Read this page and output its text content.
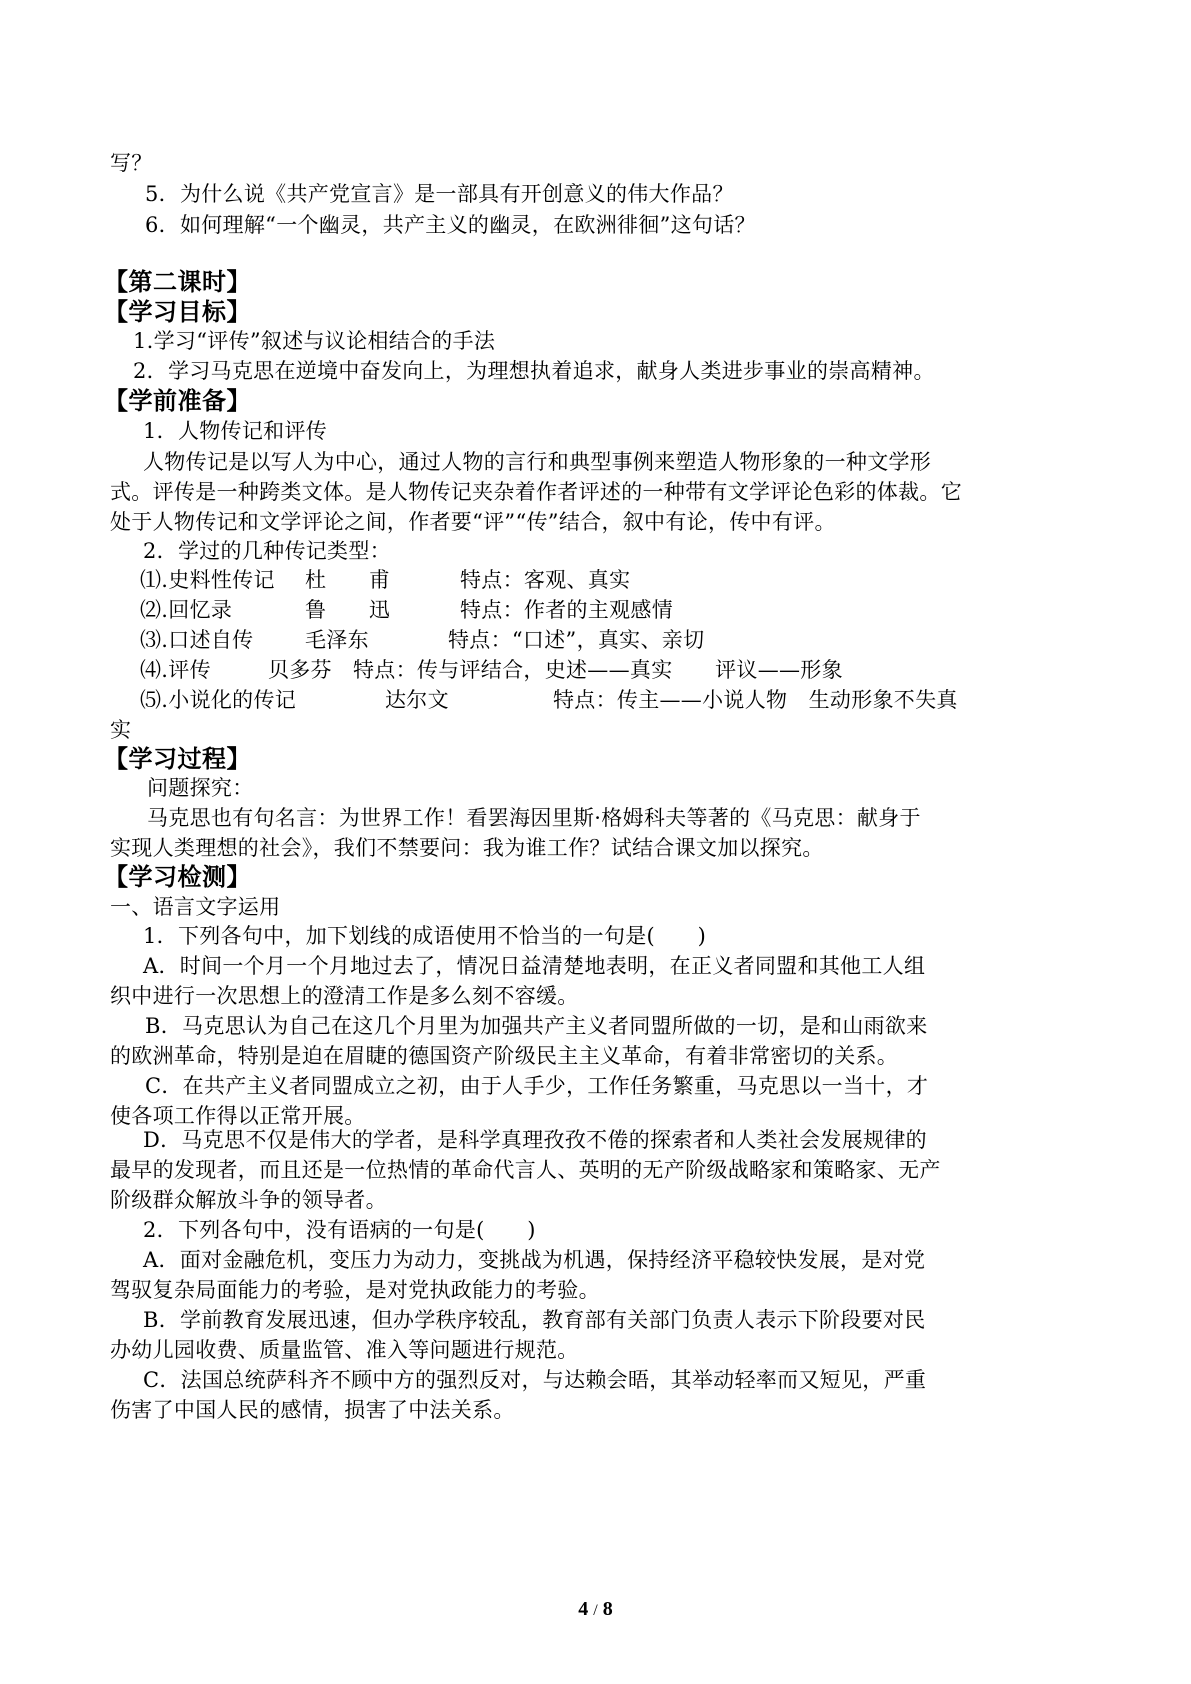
写？
5．为什么说《共产党宣言》是一部具有开创意义的伟大作品？
6．如何理解“一个幽灵，共产主义的幽灵，在欧洲徘徊”这句话？
【第二课时】
【学习目标】
1.学习“评传”叙述与议论相结合的手法
2．学习马克思在逆境中奋发向上，为理想执着追求，献身人类进步事业的崇高精神。
【学前准备】
1．人物传记和评传
人物传记是以写人为中心，通过人物的言行和典型事例来塑造人物形象的一种文学形
式。评传是一种跨类文体。是人物传记夹杂着作者评述的一种带有文学评论色彩的体裁。它
处于人物传记和文学评论之间，作者要“评”“传”结合，叙中有论，传中有评。
2．学过的几种传记类型：
⑴.史料性传记 杜　　甫	特点：客观、真实
⑵.回忆录	鲁　　迅	特点：作者的主观感情
⑶.口述自传 毛泽东	特点：“口述”，真实、亲切
⑷.评传	贝多芬 特点：传与评结合，史述——真实　　评议——形象
⑸.小说化的传记	达尔文	特点：传主——小说人物　生动形象不失真
实
【学习过程】
问题探究：
马克思也有句名言：为世界工作！看罢海因里斯·格姆科夫等著的《马克思：献身于
实现人类理想的社会》，我们不禁要问：我为谁工作？试结合课文加以探究。
【学习检测】
一、语言文字运用
1．下列各句中，加下划线的成语使用不恰当的一句是(　　)
A．时间一个月一个月地过去了，情况日益清楚地表明，在正义者同盟和其他工人组
织中进行一次思想上的澄清工作是多么刻不容缓。
B．马克思认为自己在这几个月里为加强共产主义者同盟所做的一切，是和山雨欲来
的欧洲革命，特别是迫在眉睫的德国资产阶级民主主义革命，有着非常密切的关系。
C．在共产主义者同盟成立之初，由于人手少，工作任务繁重，马克思以一当十，才
使各项工作得以正常开展。
D．马克思不仅是伟大的学者，是科学真理孜孜不倦的探索者和人类社会发展规律的
最早的发现者，而且还是一位热情的革命代言人、英明的无产阶级战略家和策略家、无产
阶级群众解放斗争的领导者。
2．下列各句中，没有语病的一句是(　　)
A．面对金融危机，变压力为动力，变挑战为机遇，保持经济平稳较快发展，是对党
驾驭复杂局面能力的考验，是对党执政能力的考验。
B．学前教育发展迅速，但办学秩序较乱，教育部有关部门负责人表示下阶段要对民
办幼儿园收费、质量监管、准入等问题进行规范。
C．法国总统萨科齐不顾中方的强烈反对，与达赖会晤，其举动轻率而又短见，严重
伤害了中国人民的感情，损害了中法关系。
4 / 8
